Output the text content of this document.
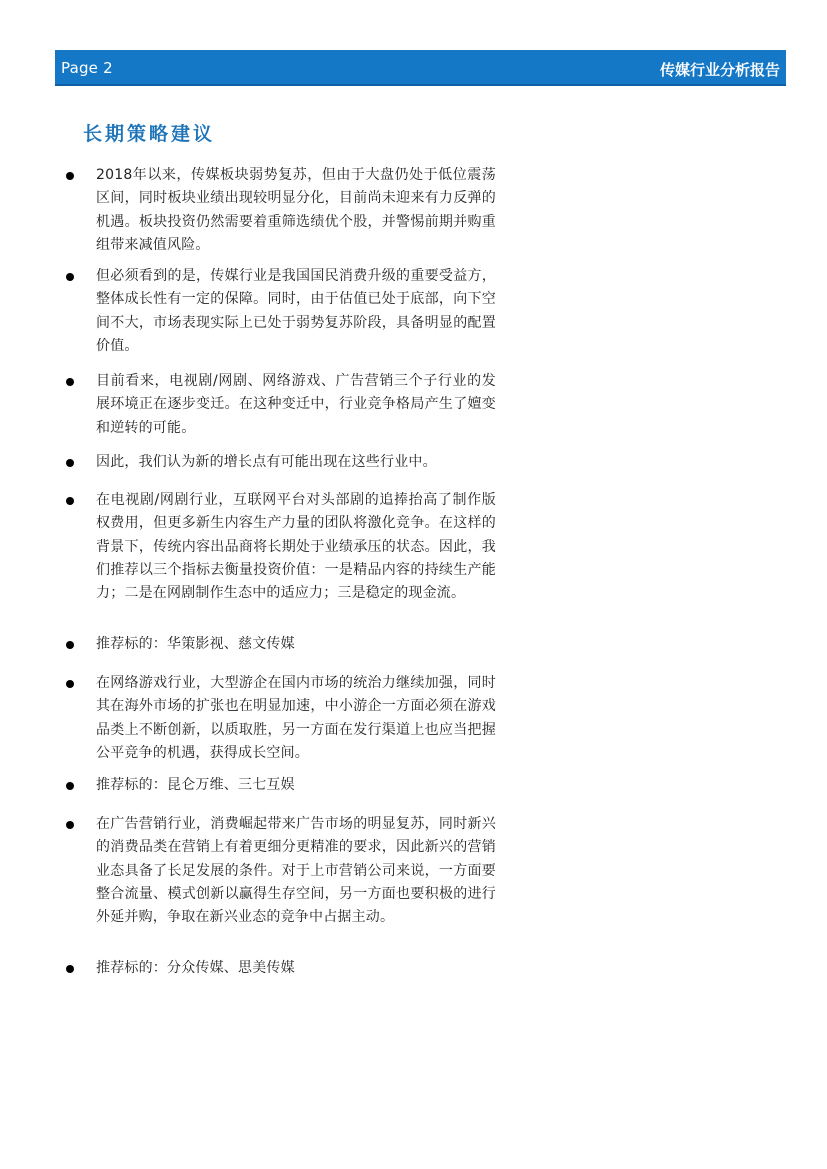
Page 2	传媒行业分析报告
长期策略建议
2018年以来，传媒板块弱势复苏，但由于大盘仍处于低位震荡区间，同时板块业绩出现较明显分化，目前尚未迎来有力反弹的机遇。板块投资仍然需要着重筛选绩优个股，并警惕前期并购重组带来减值风险。
但必须看到的是，传媒行业是我国国民消费升级的重要受益方，整体成长性有一定的保障。同时，由于估值已处于底部，向下空间不大，市场表现实际上已处于弱势复苏阶段，具备明显的配置价值。
目前看来，电视剧/网剧、网络游戏、广告营销三个子行业的发展环境正在逐步变迁。在这种变迁中，行业竞争格局产生了嬗变和逆转的可能。
因此，我们认为新的增长点有可能出现在这些行业中。
在电视剧/网剧行业，互联网平台对头部剧的追捧抬高了制作版权费用，但更多新生内容生产力量的团队将激化竞争。在这样的背景下，传统内容出品商将长期处于业绩承压的状态。因此，我们推荐以三个指标去衡量投资价值：一是精品内容的持续生产能力；二是在网剧制作生态中的适应力；三是稳定的现金流。
推荐标的：华策影视、慈文传媒
在网络游戏行业，大型游企在国内市场的统治力继续加强，同时其在海外市场的扩张也在明显加速，中小游企一方面必须在游戏品类上不断创新，以质取胜，另一方面在发行渠道上也应当把握公平竞争的机遇，获得成长空间。
推荐标的：昆仑万维、三七互娱
在广告营销行业，消费崛起带来广告市场的明显复苏，同时新兴的消费品类在营销上有着更细分更精准的要求，因此新兴的营销业态具备了长足发展的条件。对于上市营销公司来说，一方面要整合流量、模式创新以赢得生存空间，另一方面也要积极的进行外延并购，争取在新兴业态的竞争中占据主动。
推荐标的：分众传媒、思美传媒
